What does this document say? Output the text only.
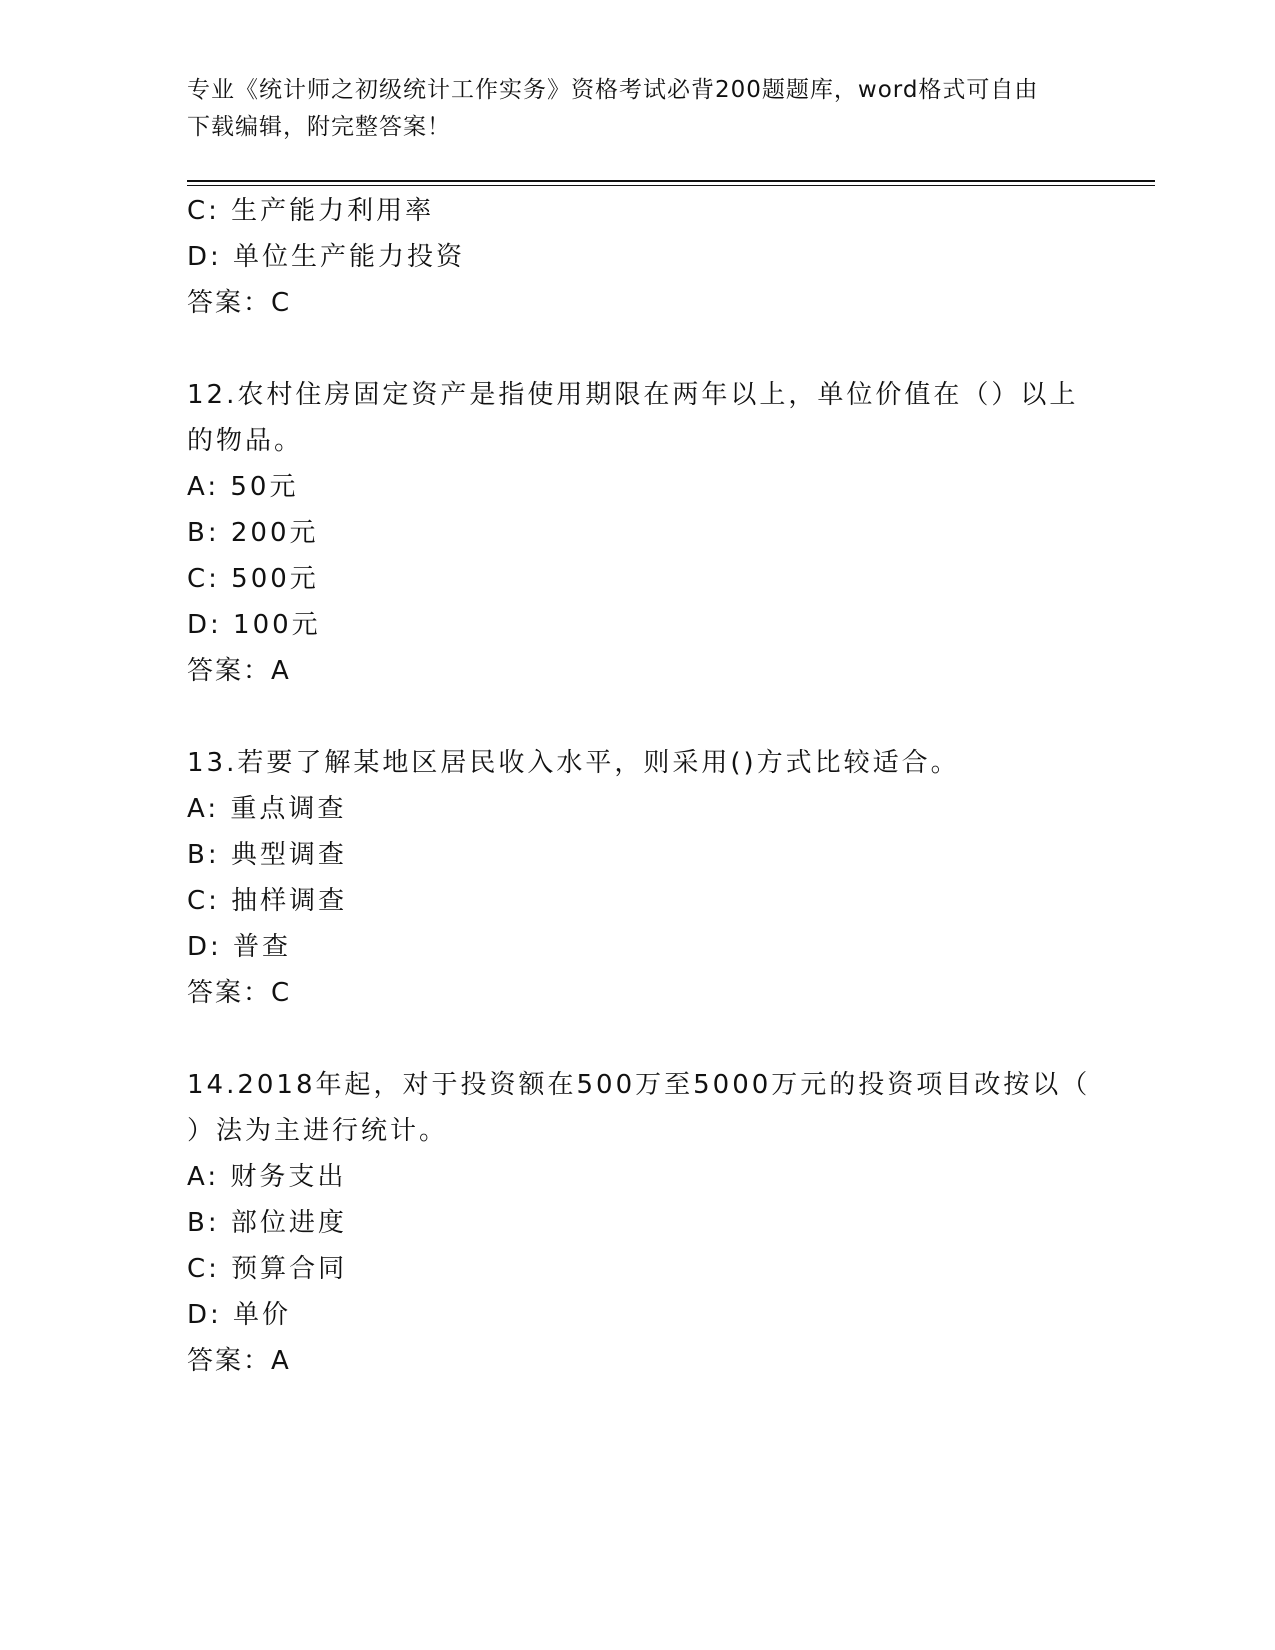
专业《统计师之初级统计工作实务》资格考试必背200题题库，word格式可自由
下载编辑，附完整答案！
C: 生产能力利用率
D: 单位生产能力投资
答案：C
12.农村住房固定资产是指使用期限在两年以上，单位价值在（）以上
的物品。
A: 50元
B: 200元
C: 500元
D: 100元
答案：A
13.若要了解某地区居民收入水平，则采用()方式比较适合。
A: 重点调查
B: 典型调查
C: 抽样调查
D: 普查
答案：C
14.2018年起，对于投资额在500万至5000万元的投资项目改按以（
）法为主进行统计。
A: 财务支出
B: 部位进度
C: 预算合同
D: 单价
答案：A
